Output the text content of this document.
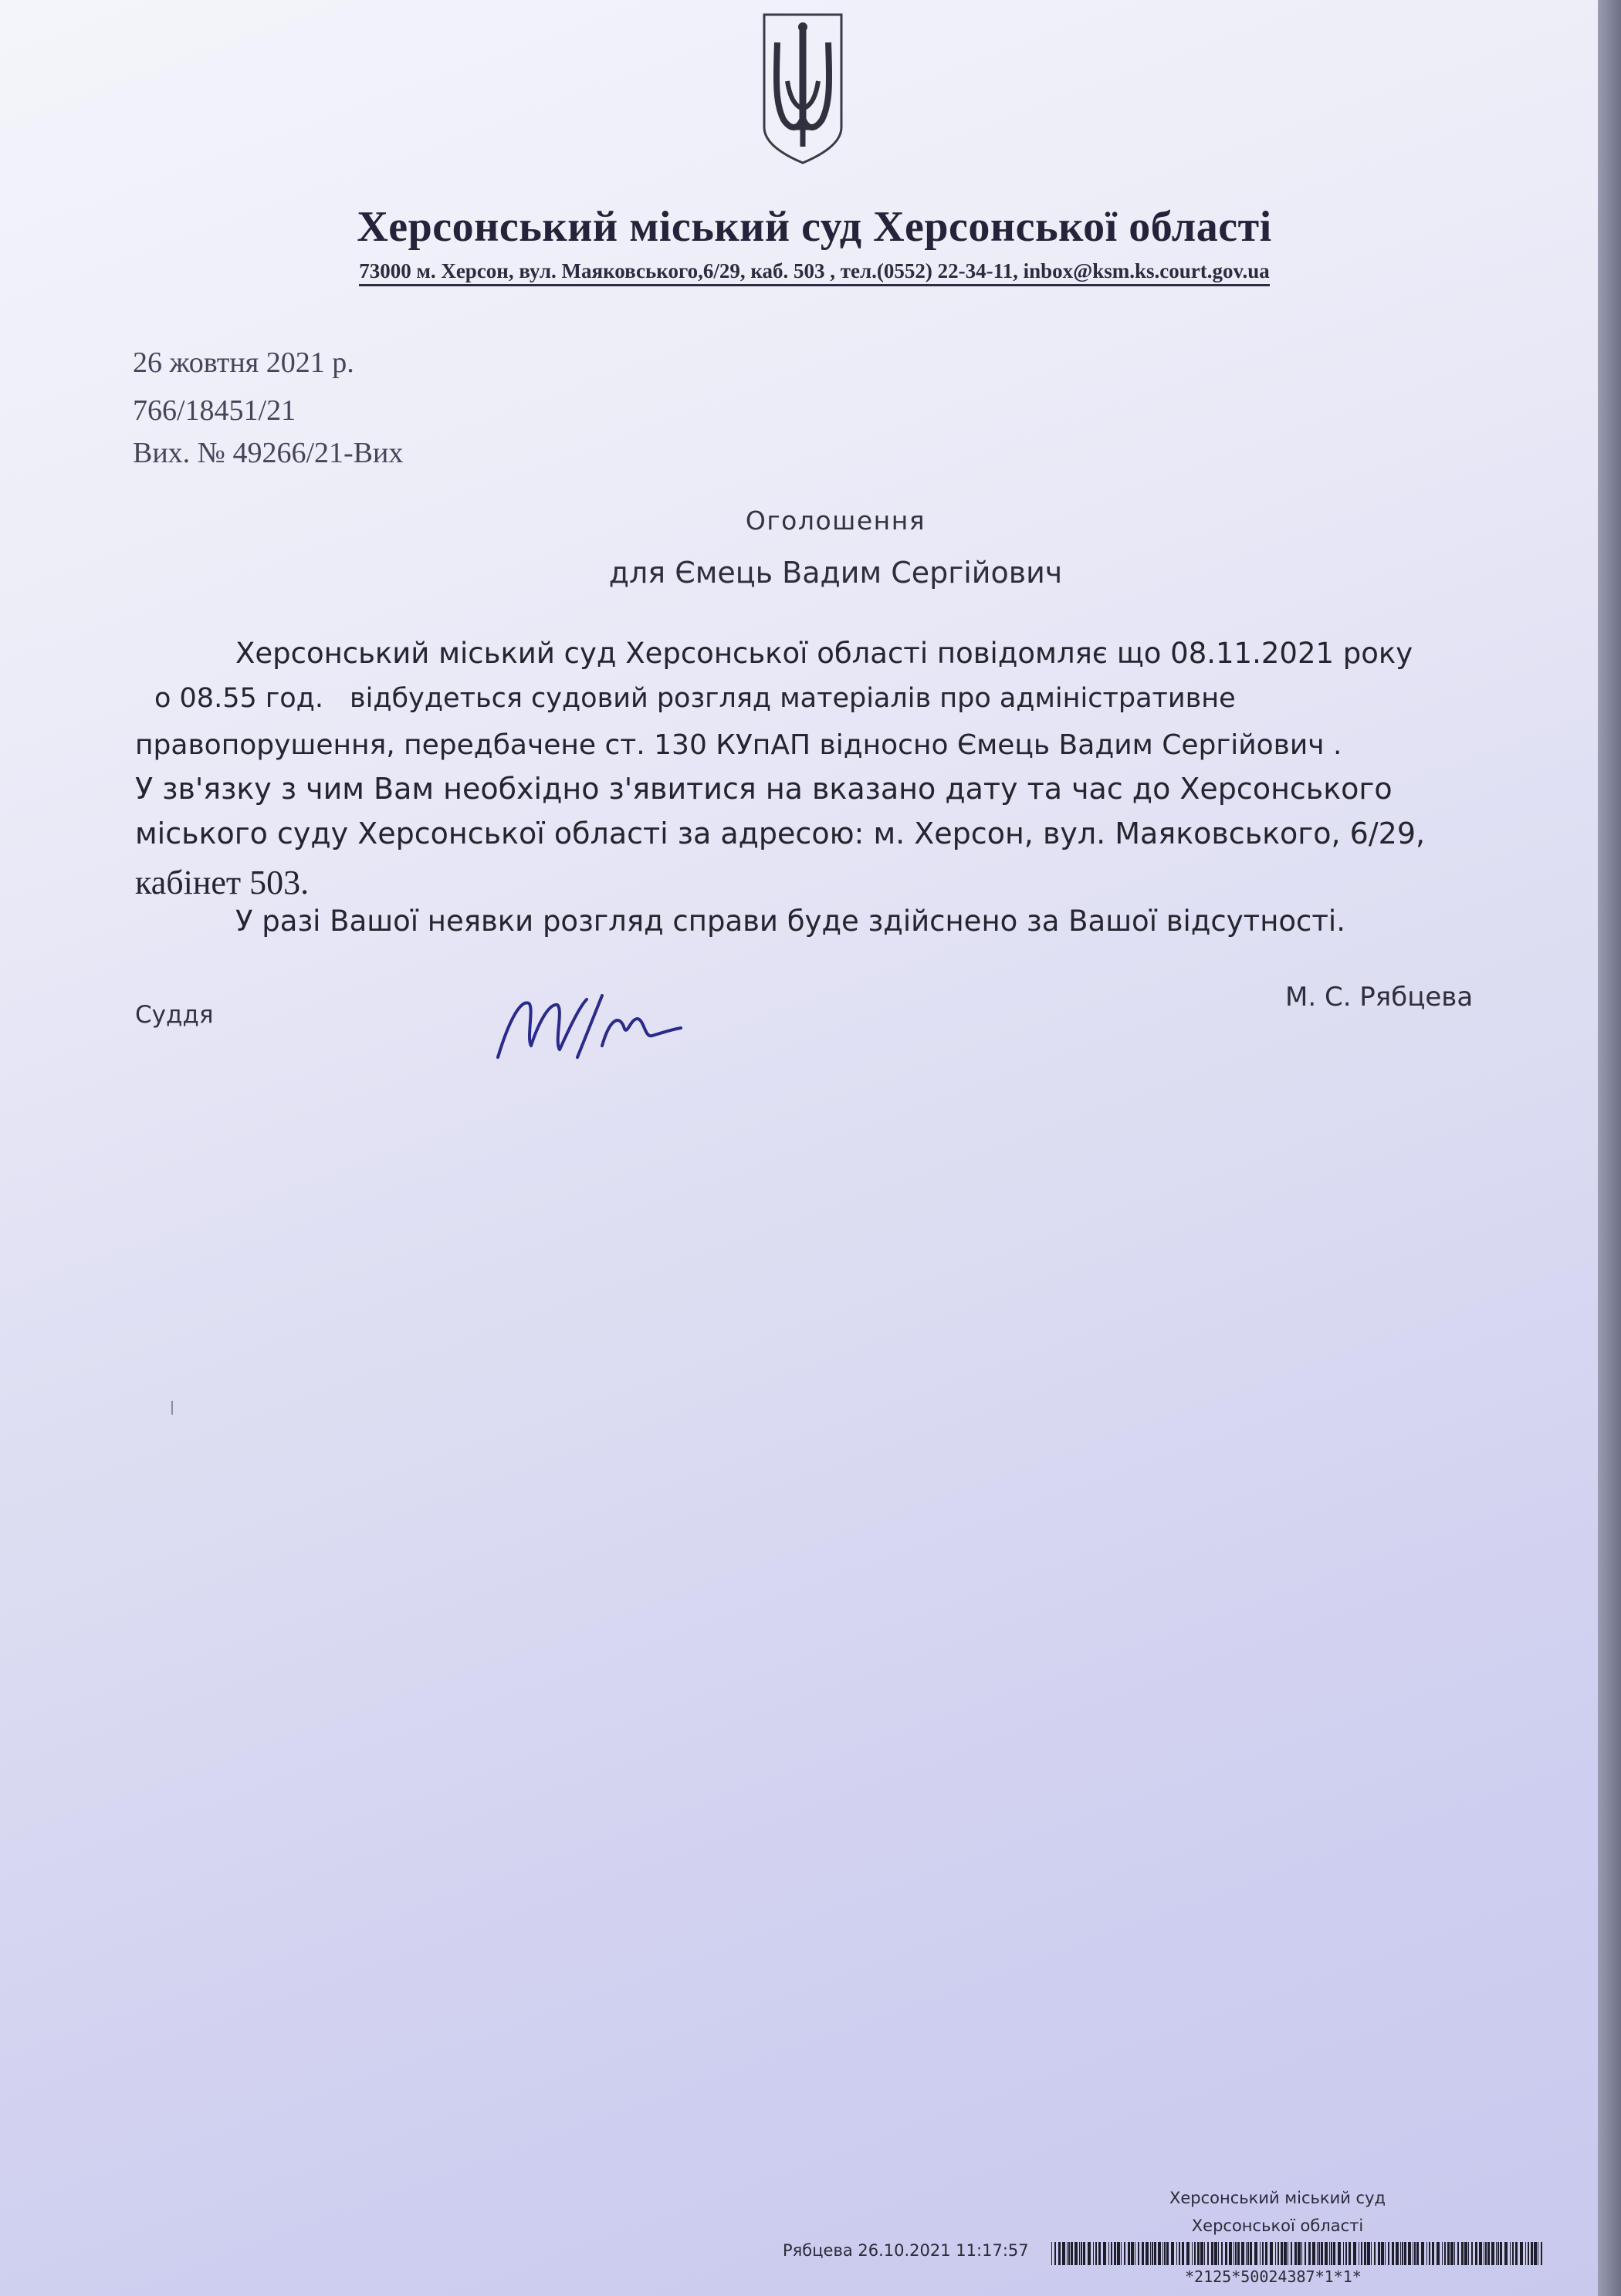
Херсонський міський суд Херсонської області
73000 м. Херсон, вул. Маяковського,6/29, каб. 503 , тел.(0552) 22-34-11, inbox@ksm.ks.court.gov.ua
26 жовтня 2021 р.
766/18451/21
Вих. № 49266/21-Вих
Оголошення
для Ємець Вадим Сергійович
Херсонський міський суд Херсонської області повідомляє що 08.11.2021 року
о 08.55 год. відбудеться судовий розгляд матеріалів про адміністративне
правопорушення, передбачене ст. 130 КУпАП відносно Ємець Вадим Сергійович .
У зв'язку з чим Вам необхідно з'явитися на вказано дату та час до Херсонського
міського суду Херсонської області за адресою: м. Херсон, вул. Маяковського, 6/29,
кабінет 503.
У разі Вашої неявки розгляд справи буде здійснено за Вашої відсутності.
Суддя
М. С. Рябцева
Херсонський міський суд
Херсонської області
Рябцева 26.10.2021 11:17:57
*2125*50024387*1*1*
